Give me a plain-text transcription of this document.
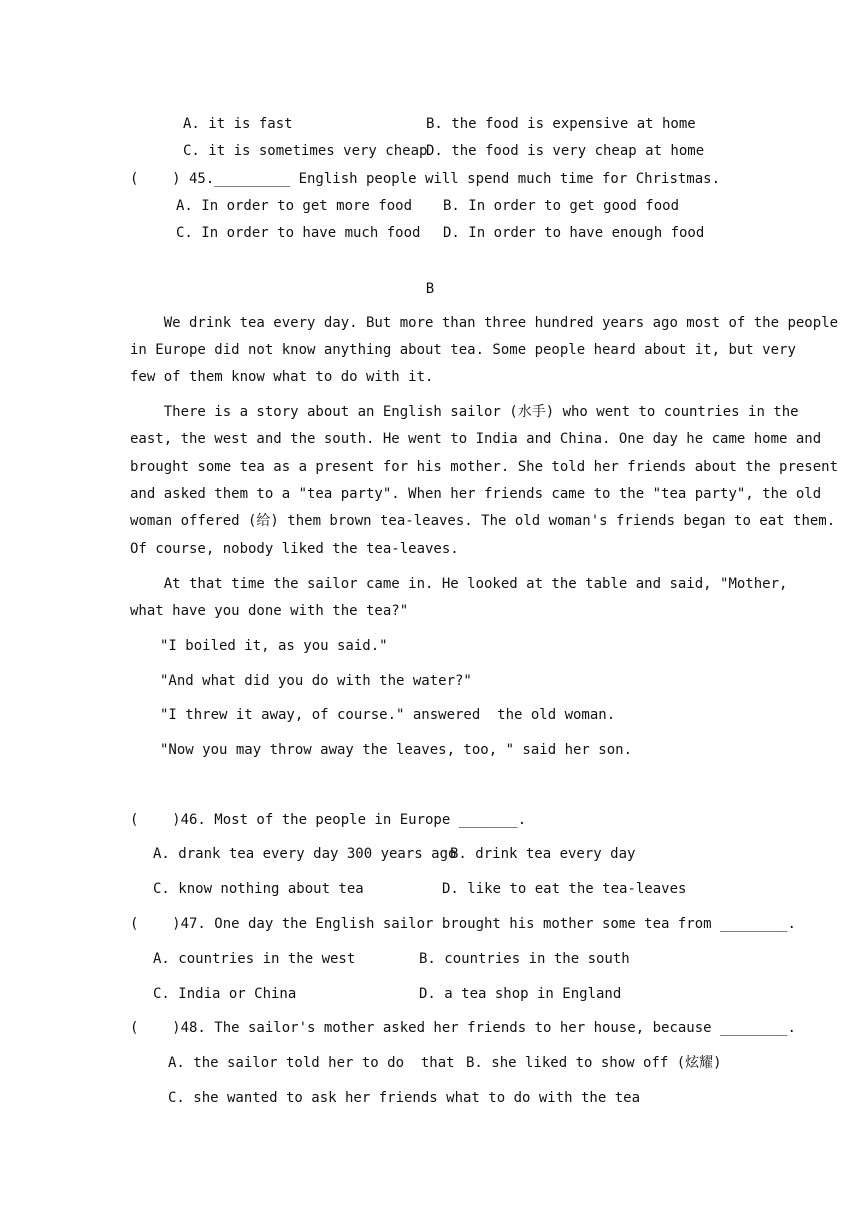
A. it is fast	B. the food is expensive at home
C. it is sometimes very cheap
D. the food is very cheap at home
(    ) 45._________ English people will spend much time for Christmas.
A. In order to get more food B. In order to get good food
C. In order to have much food D. In order to have enough food
B
We drink tea every day. But more than three hundred years ago most of the people
in Europe did not know anything about tea. Some people heard about it, but very
few of them know what to do with it.
There is a story about an English sailor (水手) who went to countries in the
east, the west and the south. He went to India and China. One day he came home and
brought some tea as a present for his mother. She told her friends about the present
and asked them to a "tea party". When her friends came to the "tea party", the old
woman offered (给) them brown tea-leaves. The old woman's friends began to eat them.
Of course, nobody liked the tea-leaves.
At that time the sailor came in. He looked at the table and said, "Mother,
what have you done with the tea?"
"I boiled it, as you said."
"And what did you do with the water?"
"I threw it away, of course." answered  the old woman.
"Now you may throw away the leaves, too, " said her son.
(    )46. Most of the people in Europe _______.
A. drank tea every day 300 years ago
B. drink tea every day
C. know nothing about tea	D. like to eat the tea-leaves
(    )47. One day the English sailor brought his mother some tea from ________.
A. countries in the west	B. countries in the south
C. India or China	D. a tea shop in England
(    )48. The sailor's mother asked her friends to her house, because ________.
A. the sailor told her to do  that B. she liked to show off (炫耀)
C. she wanted to ask her friends what to do with the tea
